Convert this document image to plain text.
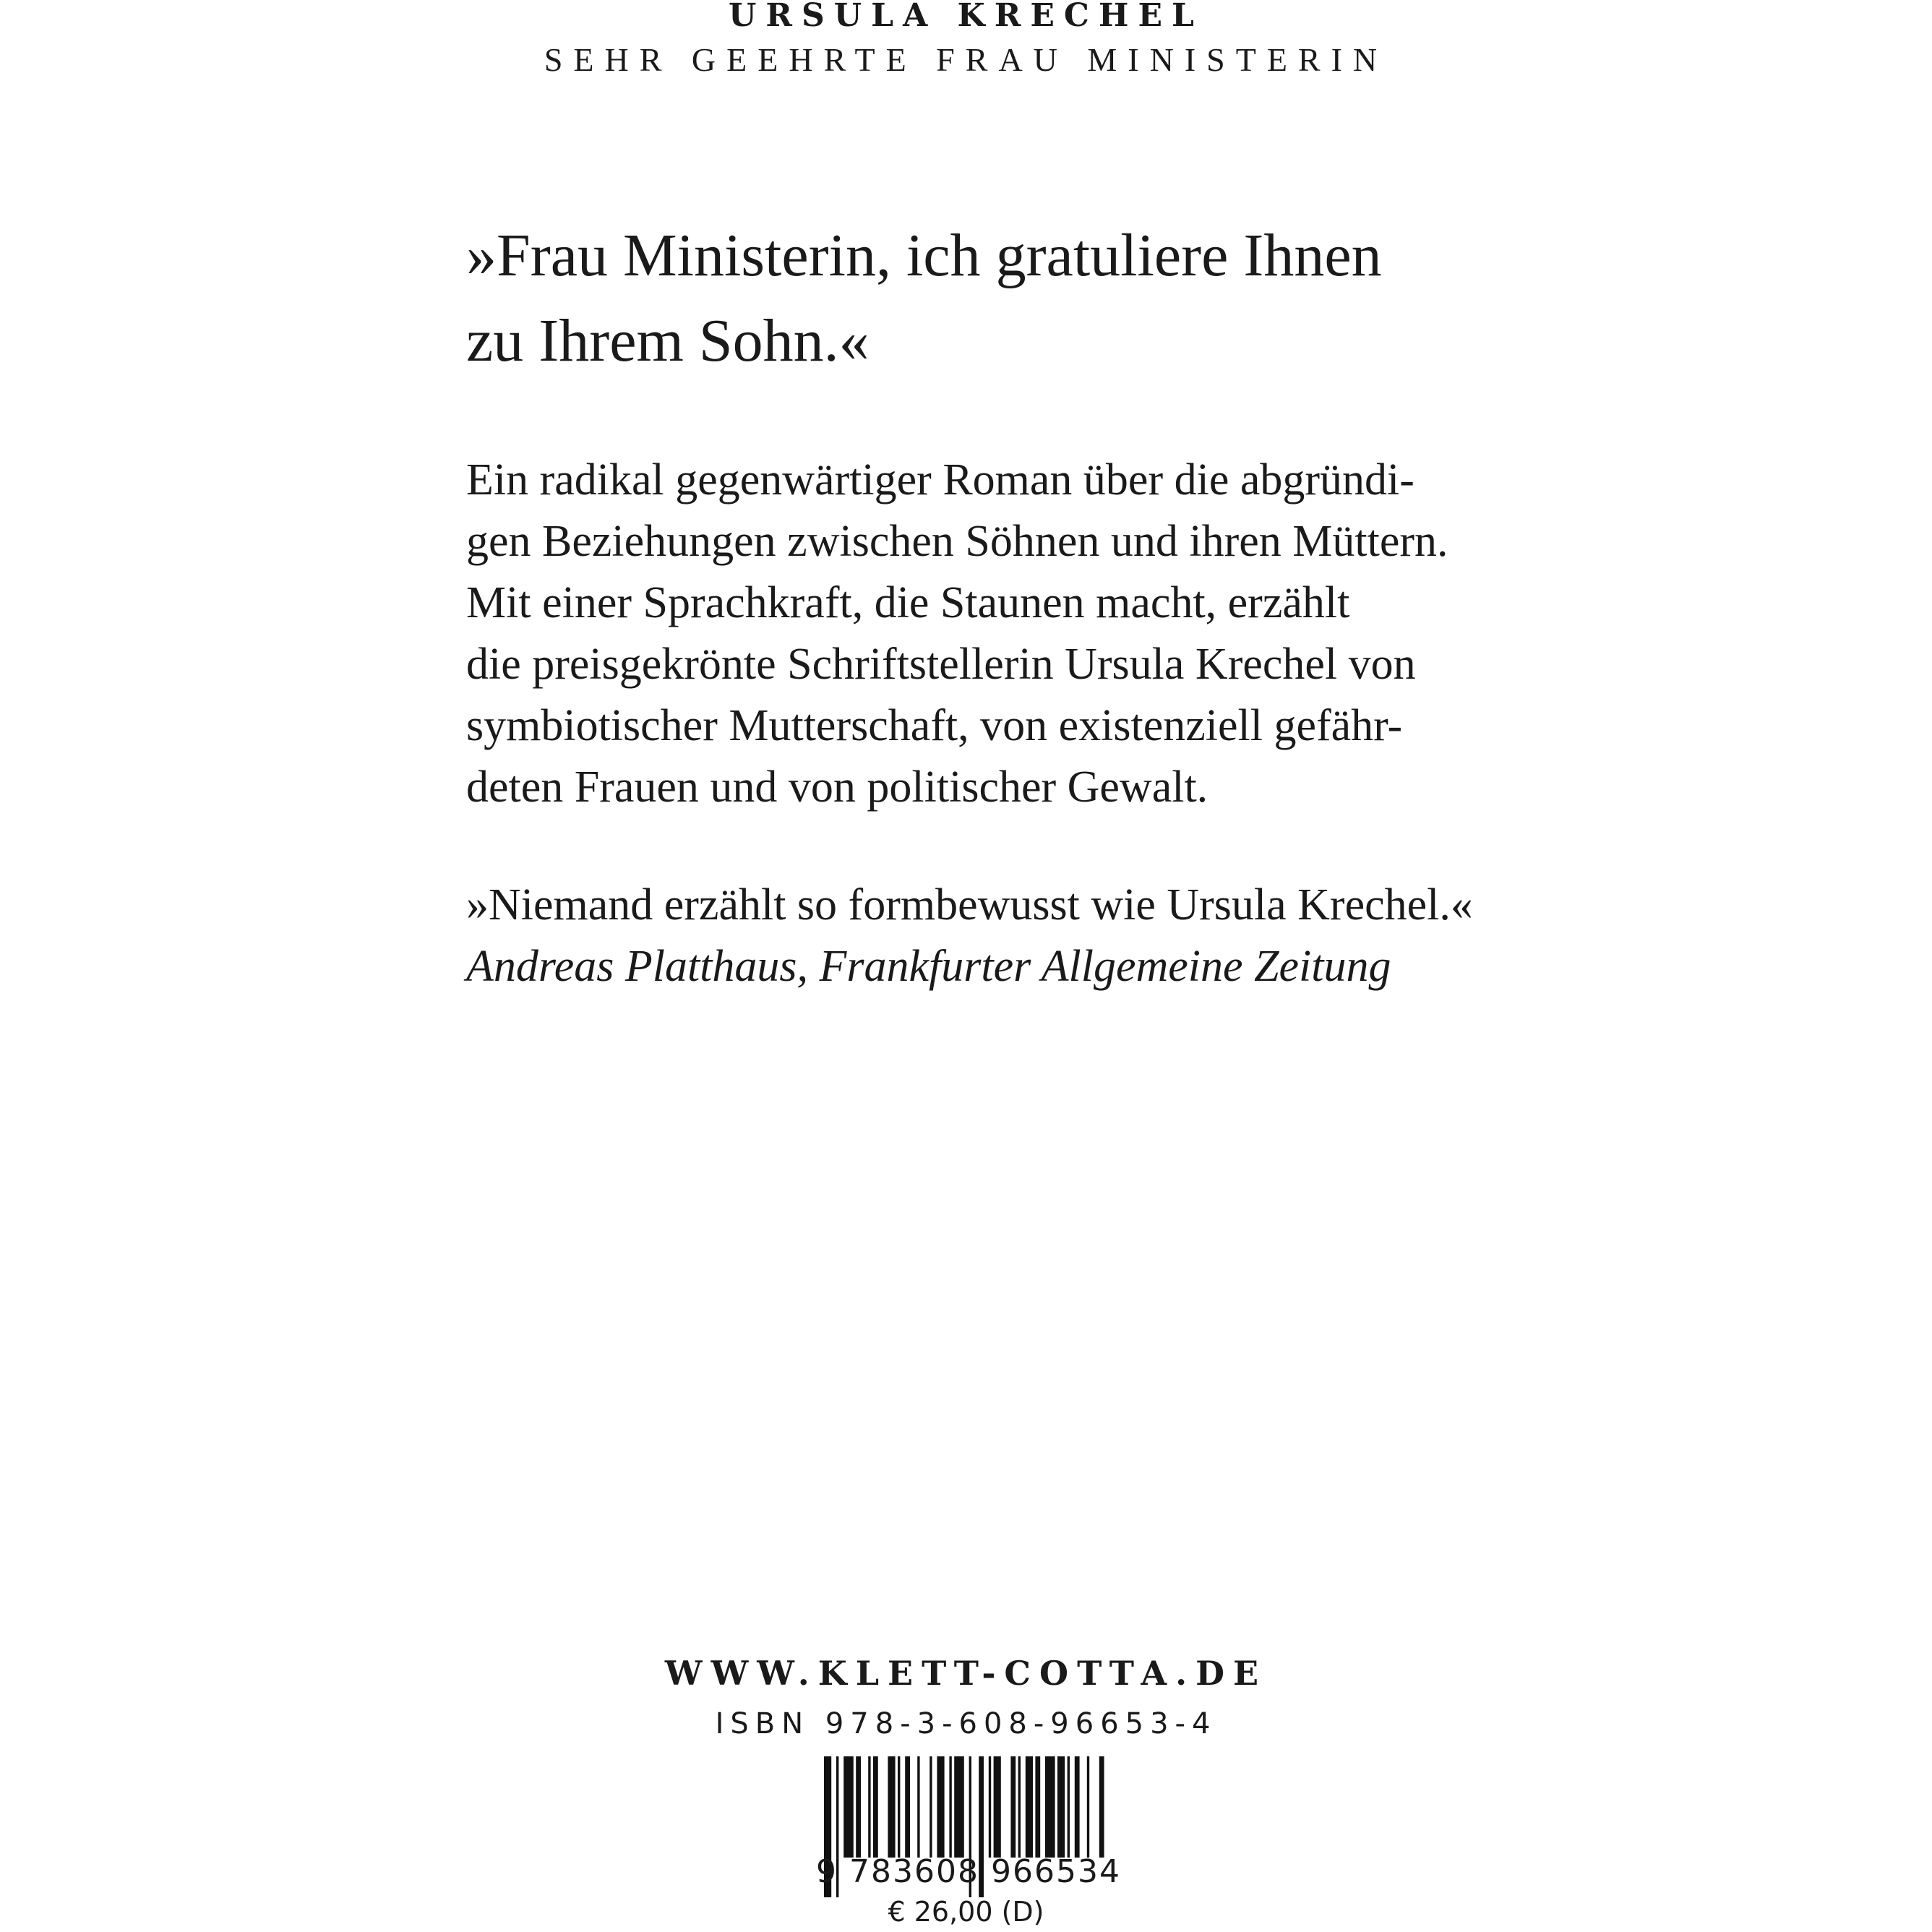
URSULA KRECHEL
SEHR GEEHRTE FRAU MINISTERIN
»Frau Ministerin, ich gratuliere Ihnen
zu Ihrem Sohn.«
Ein radikal gegenwärtiger Roman über die abgründi-
gen Beziehungen zwischen Söhnen und ihren Müttern.
Mit einer Sprachkraft, die Staunen macht, erzählt
die preisgekrönte Schriftstellerin Ursula Krechel von
symbiotischer Mutterschaft, von existenziell gefähr-
deten Frauen und von politischer Gewalt.
»Niemand erzählt so formbewusst wie Ursula Krechel.«
Andreas Platthaus, Frankfurter Allgemeine Zeitung
WWW.KLETT-COTTA.DE
ISBN 978-3-608-96653-4
9 783608 966534
€ 26,00 (D)
